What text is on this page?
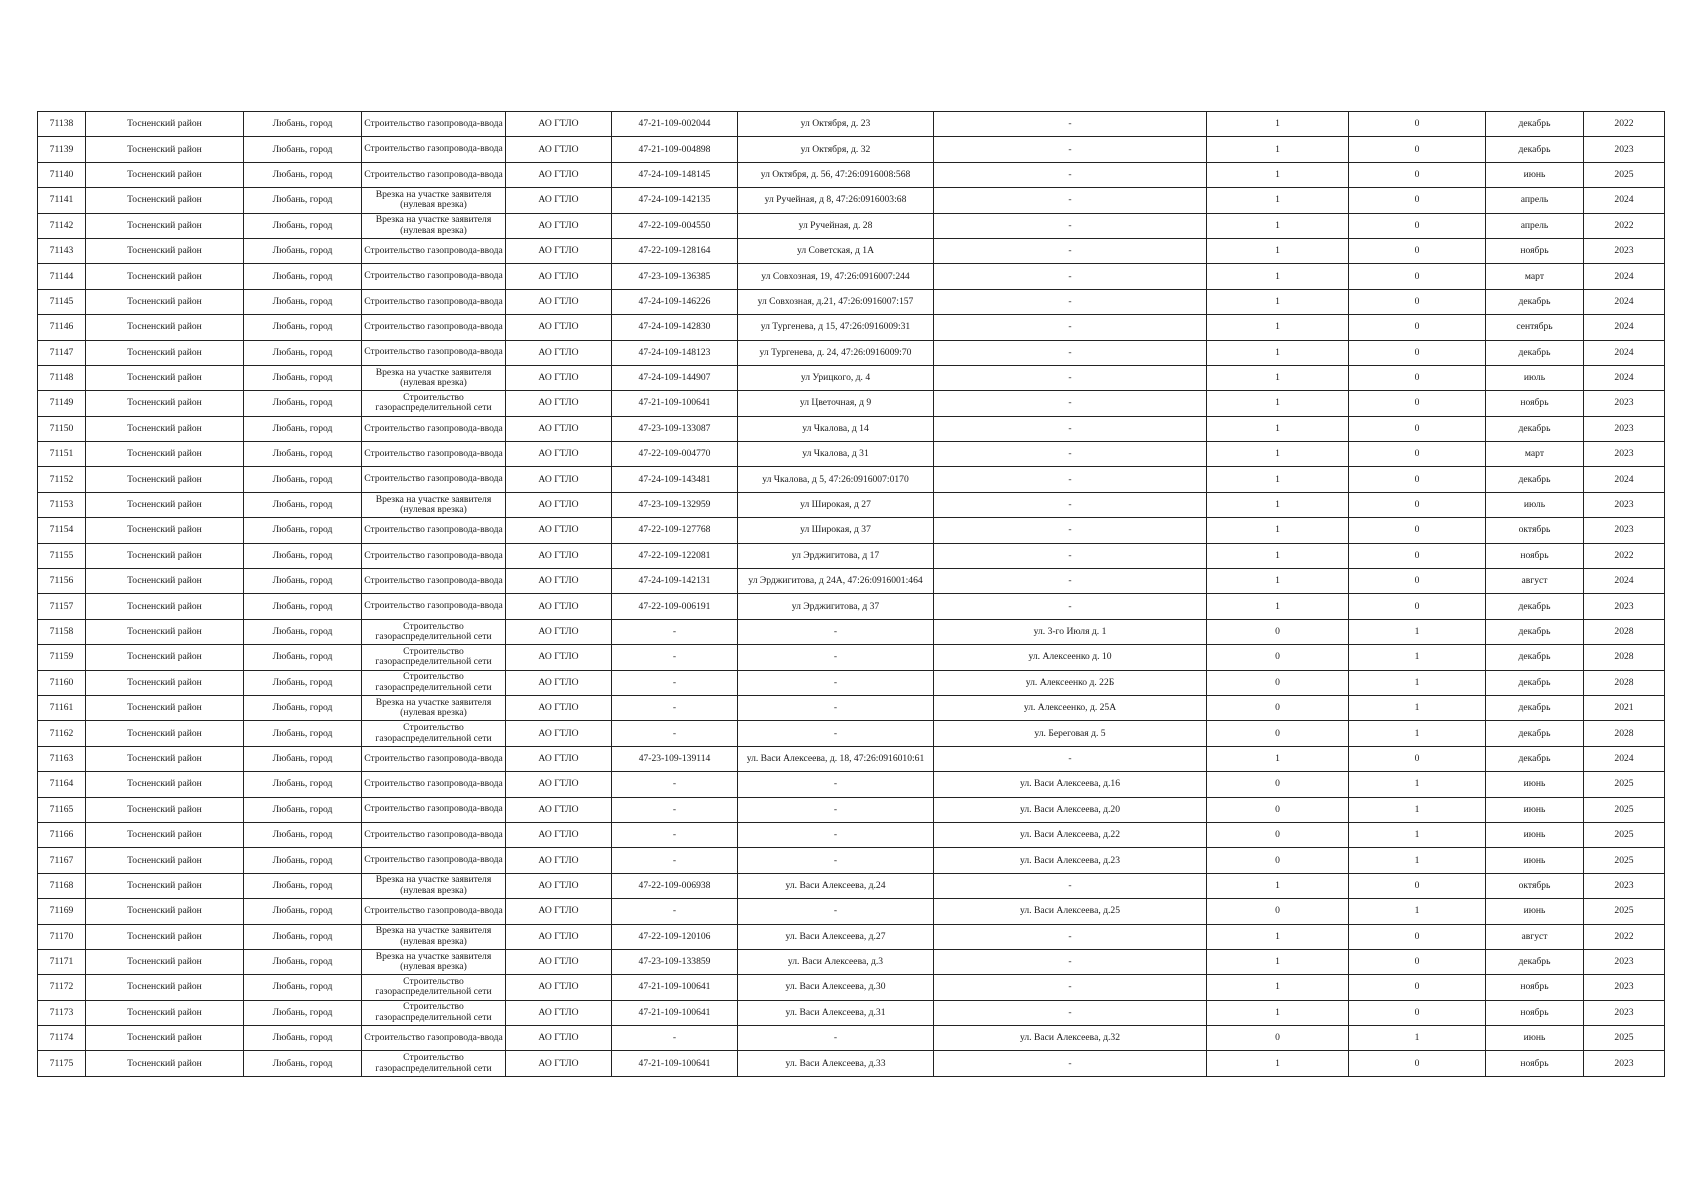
71138	Тосненский район	Любань, город	Строительство газопровода-ввода	АО ГТЛО	47-21-109-002044	ул Октября, д. 23	-	1	0	декабрь	2022
71139	Тосненский район	Любань, город	Строительство газопровода-ввода	АО ГТЛО	47-21-109-004898	ул Октября, д. 32	-	1	0	декабрь	2023
71140	Тосненский район	Любань, город	Строительство газопровода-ввода	АО ГТЛО	47-24-109-148145	ул Октября, д. 56, 47:26:0916008:568	-	1	0	июнь	2025
71141	Тосненский район	Любань, город	Врезка на участке заявителя (нулевая врезка)	АО ГТЛО	47-24-109-142135	ул Ручейная, д 8, 47:26:0916003:68	-	1	0	апрель	2024
71142	Тосненский район	Любань, город	Врезка на участке заявителя (нулевая врезка)	АО ГТЛО	47-22-109-004550	ул Ручейная, д. 28	-	1	0	апрель	2022
71143	Тосненский район	Любань, город	Строительство газопровода-ввода	АО ГТЛО	47-22-109-128164	ул Советская, д 1А	-	1	0	ноябрь	2023
71144	Тосненский район	Любань, город	Строительство газопровода-ввода	АО ГТЛО	47-23-109-136385	ул Совхозная, 19, 47:26:0916007:244	-	1	0	март	2024
71145	Тосненский район	Любань, город	Строительство газопровода-ввода	АО ГТЛО	47-24-109-146226	ул Совхозная, д.21, 47:26:0916007:157	-	1	0	декабрь	2024
71146	Тосненский район	Любань, город	Строительство газопровода-ввода	АО ГТЛО	47-24-109-142830	ул Тургенева, д 15, 47:26:0916009:31	-	1	0	сентябрь	2024
71147	Тосненский район	Любань, город	Строительство газопровода-ввода	АО ГТЛО	47-24-109-148123	ул Тургенева, д. 24, 47:26:0916009:70	-	1	0	декабрь	2024
71148	Тосненский район	Любань, город	Врезка на участке заявителя (нулевая врезка)	АО ГТЛО	47-24-109-144907	ул Урицкого, д. 4	-	1	0	июль	2024
71149	Тосненский район	Любань, город	Строительство газораспределительной сети	АО ГТЛО	47-21-109-100641	ул Цветочная, д 9	-	1	0	ноябрь	2023
71150	Тосненский район	Любань, город	Строительство газопровода-ввода	АО ГТЛО	47-23-109-133087	ул Чкалова, д 14	-	1	0	декабрь	2023
71151	Тосненский район	Любань, город	Строительство газопровода-ввода	АО ГТЛО	47-22-109-004770	ул Чкалова, д 31	-	1	0	март	2023
71152	Тосненский район	Любань, город	Строительство газопровода-ввода	АО ГТЛО	47-24-109-143481	ул Чкалова, д 5, 47:26:0916007:0170	-	1	0	декабрь	2024
71153	Тосненский район	Любань, город	Врезка на участке заявителя (нулевая врезка)	АО ГТЛО	47-23-109-132959	ул Широкая, д 27	-	1	0	июль	2023
71154	Тосненский район	Любань, город	Строительство газопровода-ввода	АО ГТЛО	47-22-109-127768	ул Широкая, д 37	-	1	0	октябрь	2023
71155	Тосненский район	Любань, город	Строительство газопровода-ввода	АО ГТЛО	47-22-109-122081	ул Эрджигитова, д 17	-	1	0	ноябрь	2022
71156	Тосненский район	Любань, город	Строительство газопровода-ввода	АО ГТЛО	47-24-109-142131	ул Эрджигитова, д 24А, 47:26:0916001:464	-	1	0	август	2024
71157	Тосненский район	Любань, город	Строительство газопровода-ввода	АО ГТЛО	47-22-109-006191	ул Эрджигитова, д 37	-	1	0	декабрь	2023
71158	Тосненский район	Любань, город	Строительство газораспределительной сети	АО ГТЛО	-	-	ул. 3-го Июля д. 1	0	1	декабрь	2028
71159	Тосненский район	Любань, город	Строительство газораспределительной сети	АО ГТЛО	-	-	ул. Алексеенко д. 10	0	1	декабрь	2028
71160	Тосненский район	Любань, город	Строительство газораспределительной сети	АО ГТЛО	-	-	ул. Алексеенко д. 22Б	0	1	декабрь	2028
71161	Тосненский район	Любань, город	Врезка на участке заявителя (нулевая врезка)	АО ГТЛО	-	-	ул. Алексеенко, д. 25А	0	1	декабрь	2021
71162	Тосненский район	Любань, город	Строительство газораспределительной сети	АО ГТЛО	-	-	ул. Береговая д. 5	0	1	декабрь	2028
71163	Тосненский район	Любань, город	Строительство газопровода-ввода	АО ГТЛО	47-23-109-139114	ул. Васи Алексеева, д. 18, 47:26:0916010:61	-	1	0	декабрь	2024
71164	Тосненский район	Любань, город	Строительство газопровода-ввода	АО ГТЛО	-	-	ул. Васи Алексеева, д.16	0	1	июнь	2025
71165	Тосненский район	Любань, город	Строительство газопровода-ввода	АО ГТЛО	-	-	ул. Васи Алексеева, д.20	0	1	июнь	2025
71166	Тосненский район	Любань, город	Строительство газопровода-ввода	АО ГТЛО	-	-	ул. Васи Алексеева, д.22	0	1	июнь	2025
71167	Тосненский район	Любань, город	Строительство газопровода-ввода	АО ГТЛО	-	-	ул. Васи Алексеева, д.23	0	1	июнь	2025
71168	Тосненский район	Любань, город	Врезка на участке заявителя (нулевая врезка)	АО ГТЛО	47-22-109-006938	ул. Васи Алексеева, д.24	-	1	0	октябрь	2023
71169	Тосненский район	Любань, город	Строительство газопровода-ввода	АО ГТЛО	-	-	ул. Васи Алексеева, д.25	0	1	июнь	2025
71170	Тосненский район	Любань, город	Врезка на участке заявителя (нулевая врезка)	АО ГТЛО	47-22-109-120106	ул. Васи Алексеева, д.27	-	1	0	август	2022
71171	Тосненский район	Любань, город	Врезка на участке заявителя (нулевая врезка)	АО ГТЛО	47-23-109-133859	ул. Васи Алексеева, д.3	-	1	0	декабрь	2023
71172	Тосненский район	Любань, город	Строительство газораспределительной сети	АО ГТЛО	47-21-109-100641	ул. Васи Алексеева, д.30	-	1	0	ноябрь	2023
71173	Тосненский район	Любань, город	Строительство газораспределительной сети	АО ГТЛО	47-21-109-100641	ул. Васи Алексеева, д.31	-	1	0	ноябрь	2023
71174	Тосненский район	Любань, город	Строительство газопровода-ввода	АО ГТЛО	-	-	ул. Васи Алексеева, д.32	0	1	июнь	2025
71175	Тосненский район	Любань, город	Строительство газораспределительной сети	АО ГТЛО	47-21-109-100641	ул. Васи Алексеева, д.33	-	1	0	ноябрь	2023
